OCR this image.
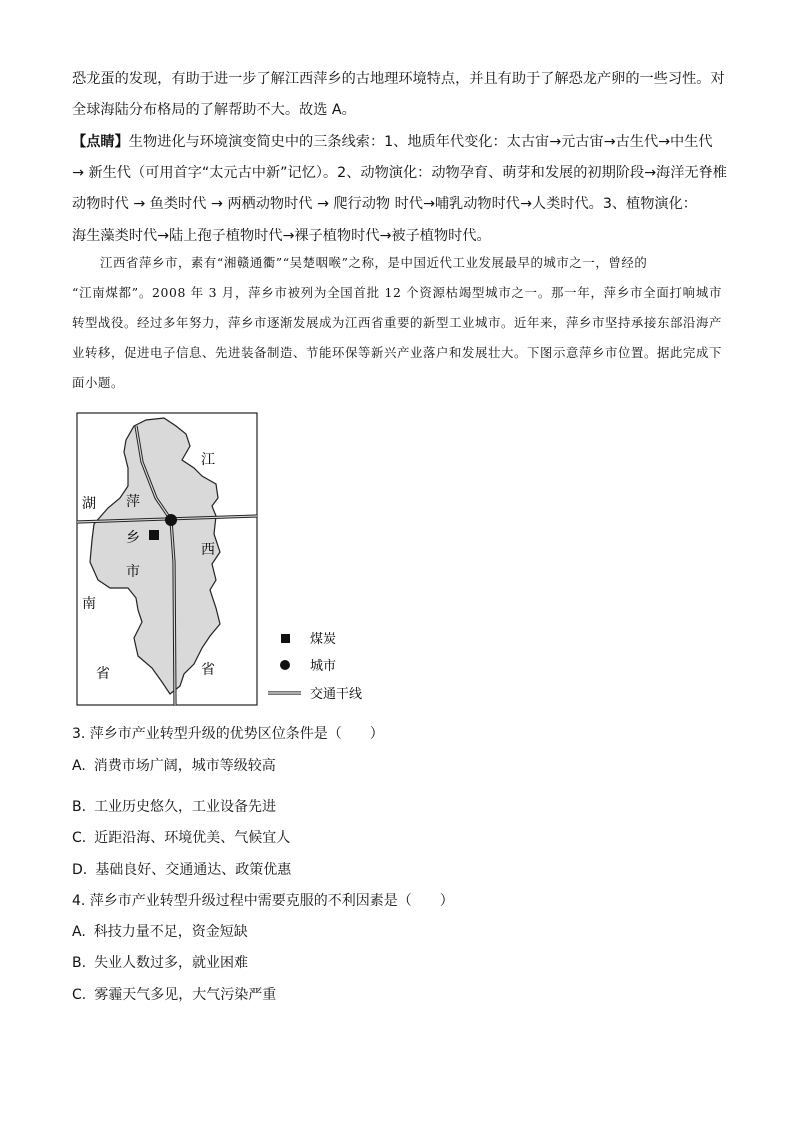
恐龙蛋的发现，有助于进一步了解江西萍乡的古地理环境特点，并且有助于了解恐龙产卵的一些习性。对
全球海陆分布格局的了解帮助不大。故选 A。
【点睛】生物进化与环境演变简史中的三条线索：1、地质年代变化：太古宙→元古宙→古生代→中生代
→ 新生代（可用首字“太元古中新”记忆）。2、动物演化：动物孕育、萌芽和发展的初期阶段→海洋无脊椎
动物时代 → 鱼类时代 → 两栖动物时代 → 爬行动物 时代→哺乳动物时代→人类时代。3、植物演化：
海生藻类时代→陆上孢子植物时代→裸子植物时代→被子植物时代。
江西省萍乡市，素有“湘赣通衢”“吴楚咽喉”之称，是中国近代工业发展最早的城市之一，曾经的
“江南煤都”。2008 年 3 月，萍乡市被列为全国首批 12 个资源枯竭型城市之一。那一年，萍乡市全面打响城市转型战役。经过多年努力，萍乡市逐渐发展成为江西省重要的新型工业城市。近年来，萍乡市坚持承接东部沿海产业转移，促进电子信息、先进装备制造、节能环保等新兴产业落户和发展壮大。下图示意萍乡市位置。据此完成下面小题。
江
西
省
湖
南
省
萍
乡
市
煤炭
城市
交通干线
3. 萍乡市产业转型升级的优势区位条件是（　　）
A. 消费市场广阔，城市等级较高
B. 工业历史悠久，工业设备先进
C. 近距沿海、环境优美、气候宜人
D. 基础良好、交通通达、政策优惠
4. 萍乡市产业转型升级过程中需要克服的不利因素是（　　）
A. 科技力量不足，资金短缺
B. 失业人数过多，就业困难
C. 雾霾天气多见，大气污染严重
